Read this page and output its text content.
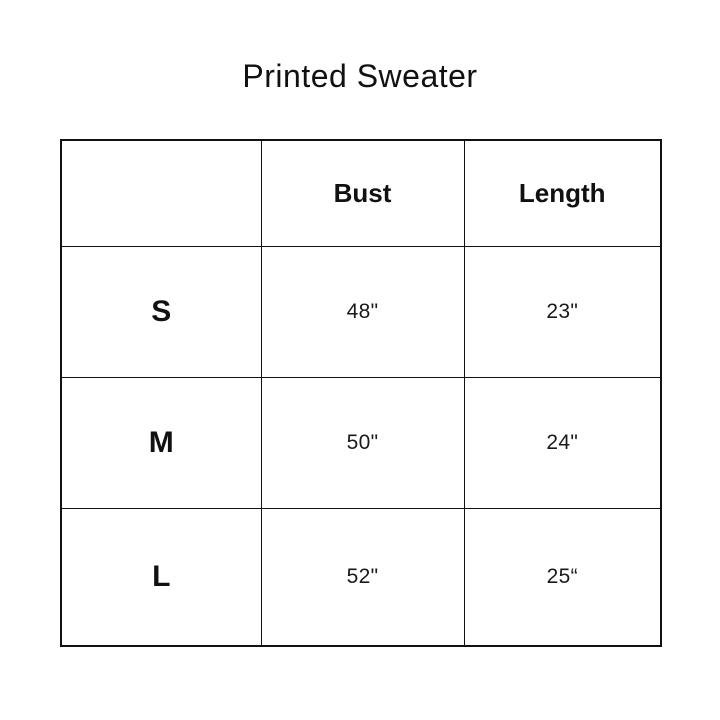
Printed Sweater
	Bust	Length
S	48"	23"
M	50"	24"
L	52"	25“
